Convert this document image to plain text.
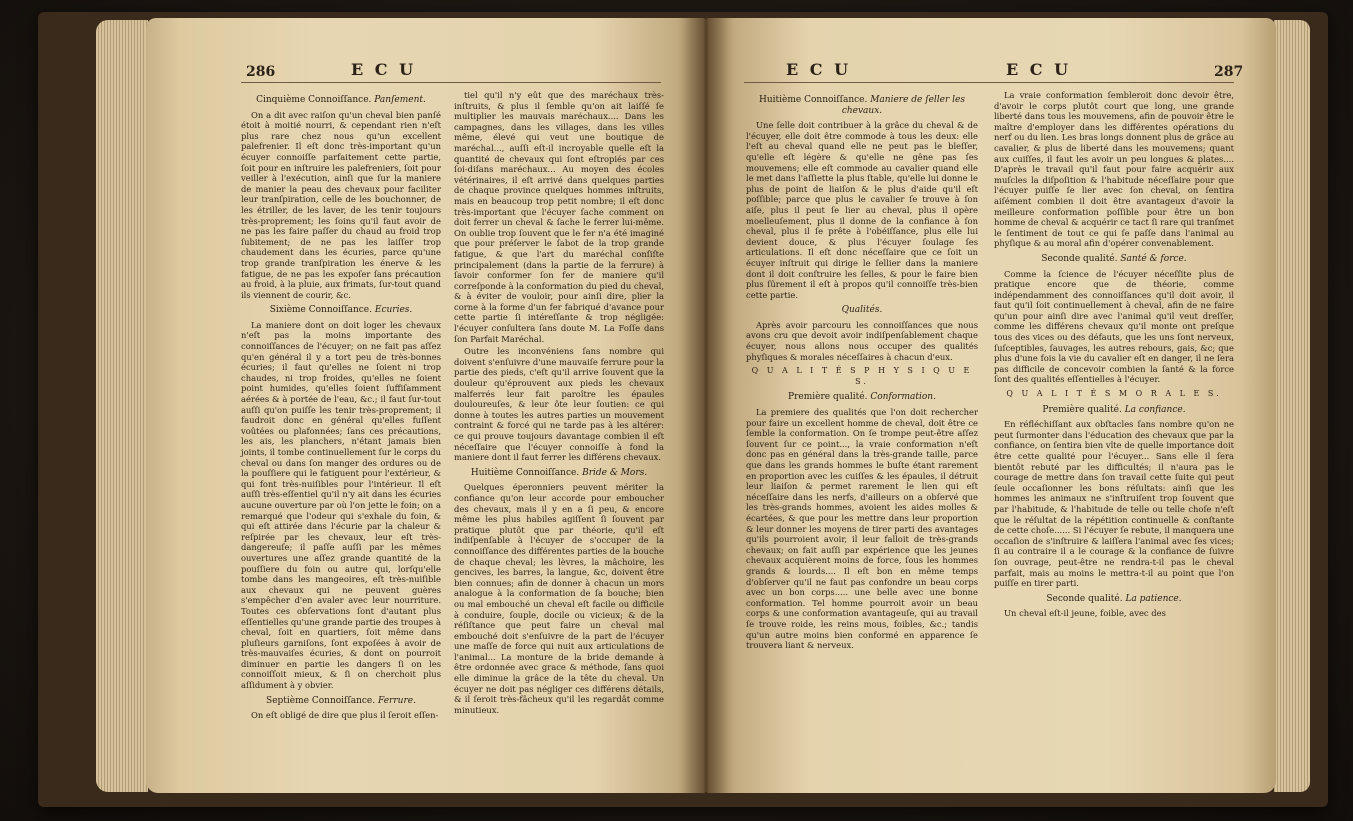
286	E C U
Cinquième Connoiſſance. Panſement.

On a dit avec raiſon qu'un cheval bien panſé étoit à moitié nourri, & cependant rien n'eſt plus rare chez nous qu'un excellent palefrenier. Il eſt donc très-important qu'un écuyer connoiſſe parfaitement cette partie, ſoit pour en inſtruire les palefreniers, ſoit pour veiller à l'exécution, ainſi que ſur la maniere de manier la peau des chevaux pour faciliter leur tranſpiration, celle de les bouchonner, de les étriller, de les laver, de les tenir toujours très-proprement; les ſoins qu'il faut avoir de ne pas les faire paſſer du chaud au froid trop ſubitement; de ne pas les laiſſer trop chaudement dans les écuries, parce qu'une trop grande tranſpiration les énerve & les fatigue, de ne pas les expoſer ſans précaution au froid, à la pluie, aux frimats, ſur-tout quand ils viennent de courir, &c.

Sixième Connoiſſance. Ecuries.

La maniere dont on doit loger les chevaux n'eſt pas la moins importante des connoiſſances de l'écuyer; on ne fait pas aſſez qu'en général il y a tort peu de très-bonnes écuries; il faut qu'elles ne ſoient ni trop chaudes, ni trop froides, qu'elles ne ſoient point humides, qu'elles ſoient ſuffiſamment aérées & à portée de l'eau, &c.; il faut ſur-tout auſſi qu'on puiſſe les tenir très-proprement; il faudroit donc en général qu'elles fuſſent voûtées ou plafonnées; ſans ces précautions, les ais, les planchers, n'étant jamais bien joints, il tombe continuellement ſur le corps du cheval ou dans ſon manger des ordures ou de la pouſſiere qui le fatiguent pour l'extérieur, & qui font très-nuiſibles pour l'intérieur. Il eſt auſſi très-eſſentiel qu'il n'y ait dans les écuries aucune ouverture par où l'on jette le foin; on a remarqué que l'odeur qui s'exhale du foin, & qui eſt attirée dans l'écurie par la chaleur & reſpirée par les chevaux, leur eſt très-dangereuſe; il paſſe auſſi par les mêmes ouvertures une aſſez grande quantité de la pouſſiere du foin ou autre qui, lorſqu'elle tombe dans les mangeoires, eſt très-nuiſible aux chevaux qui ne peuvent guères s'empêcher d'en avaler avec leur nourriture. Toutes ces obſervations ſont d'autant plus eſſentielles qu'une grande partie des troupes à cheval, ſoit en quartiers, ſoit même dans pluſieurs garniſons, ſont expoſées à avoir de très-mauvaiſes écuries, & dont on pourroit diminuer en partie les dangers ſi on les connoiſſoit mieux, & ſi on cherchoit plus aſſidument à y obvier.

Septième Connoiſſance. Ferrure.

On eſt obligé de dire que plus il ſeroit eſſen-

tiel qu'il n'y eût que des maréchaux très-inſtruits, & plus il ſemble qu'on ait laiſſé ſe multiplier les mauvais maréchaux.... Dans les campagnes, dans les villages, dans les villes même, élevé qui veut une boutique de maréchal..., auſſi eſt-il incroyable quelle eſt la quantité de chevaux qui ſont eſtropiés par ces ſoi-diſans maréchaux... Au moyen des écoles vétérinaires, il eſt arrivé dans quelques parties de chaque province quelques hommes inſtruits, mais en beaucoup trop petit nombre; il eſt donc très-important que l'écuyer ſache comment on doit ferrer un cheval & ſache le ferrer lui-même. On oublie trop ſouvent que le fer n'a été imaginé que pour préſerver le ſabot de la trop grande fatigue, & que l'art du maréchal conſiſte principalement (dans la partie de la ferrure) à ſavoir conformer ſon fer de maniere qu'il correſponde à la conformation du pied du cheval, & à éviter de vouloir, pour ainſi dire, plier la corne à la forme d'un fer fabriqué d'avance pour cette partie ſi intéreſſante & trop négligée: l'écuyer conſultera ſans doute M. La Foſſe dans ſon Parfait Maréchal.

Outre les inconvéniens ſans nombre qui doivent s'enſuivre d'une mauvaiſe ferrure pour la partie des pieds, c'eſt qu'il arrive ſouvent que la douleur qu'éprouvent aux pieds les chevaux malferrés leur fait paroître les épaules douloureuſes, & leur ôte leur ſoutien: ce qui donne à toutes les autres parties un mouvement contraint & forcé qui ne tarde pas à les altérer: ce qui prouve toujours davantage combien il eſt néceſſaire que l'écuyer connoiſſe à fond la maniere dont il faut ferrer les différens chevaux.

Huitième Connoiſſance. Bride & Mors.

Quelques éperonniers peuvent mériter la confiance qu'on leur accorde pour emboucher des chevaux, mais il y en a ſi peu, & encore même les plus habiles agiſſent ſi ſouvent par pratique plutôt que par théorie, qu'il eſt indiſpenſable à l'écuyer de s'occuper de la connoiſſance des différentes parties de la bouche de chaque cheval; les lèvres, la mâchoire, les gencives, les barres, la langue, &c, doivent être bien connues; afin de donner à chacun un mors analogue à la conformation de ſa bouche; bien ou mal embouché un cheval eſt facile ou difficile à conduire, ſouple, docile ou vicieux; & de la réſiſtance que peut faire un cheval mal embouché doit s'enſuivre de la part de l'écuyer une maſſe de force qui nuit aux articulations de l'animal... La monture de la bride demande à être ordonnée avec grace & méthode, ſans quoi elle diminue la grâce de la tête du cheval. Un écuyer ne doit pas négliger ces différens détails, & il ſeroit très-fâcheux qu'il les regardât comme minutieux.

E C U	E C U	287
Huitième Connoiſſance. Maniere de ſeller les chevaux.

Une ſelle doit contribuer à la grâce du cheval & de l'écuyer, elle doit être commode à tous les deux: elle l'eſt au cheval quand elle ne peut pas le bleſſer, qu'elle eſt légère & qu'elle ne gêne pas ſes mouvemens; elle eſt commode au cavalier quand elle le met dans l'aſſiette la plus ſtable, qu'elle lui donne le plus de point de liaiſon & le plus d'aide qu'il eſt poſſible; parce que plus le cavalier ſe trouve à ſon aiſe, plus il peut ſe lier au cheval, plus il opère moelleuſement, plus il donne de la confiance à ſon cheval, plus il ſe prête à l'obéiſſance, plus elle lui devient douce, & plus l'écuyer ſoulage ſes articulations. Il eſt donc néceſſaire que ce ſoit un écuyer inſtruit qui dirige le ſellier dans la maniere dont il doit conſtruire les ſelles, & pour le faire bien plus ſûrement il eſt à propos qu'il connoiſſe très-bien cette partie.

Qualités.

Après avoir parcouru les connoiſſances que nous avons cru que devoit avoir indiſpenſablement chaque écuyer, nous allons nous occuper des qualités phyſiques & morales néceſſaires à chacun d'eux.

Q U A L I T É S P H Y S I Q U E S.
Première qualité. Conformation.

La premiere des qualités que l'on doit rechercher pour faire un excellent homme de cheval, doit être ce ſemble la conformation. On ſe trompe peut-être aſſez ſouvent ſur ce point..., la vraie conformation n'eſt donc pas en général dans la très-grande taille, parce que dans les grands hommes le buſte étant rarement en proportion avec les cuiſſes & les épaules, il détruit leur liaiſon & permet rarement le lien qui eſt néceſſaire dans les nerfs, d'ailleurs on a obſervé que les très-grands hommes, avoient les aides molles & écartées, & que pour les mettre dans leur proportion & leur donner les moyens de tirer parti des avantages qu'ils pourroient avoir, il leur falloit de très-grands chevaux; on fait auſſi par expérience que les jeunes chevaux acquièrent moins de force, ſous les hommes grands & lourds.... Il eſt bon en même temps d'obſerver qu'il ne faut pas confondre un beau corps avec un bon corps..... une belle avec une bonne conformation. Tel homme pourroit avoir un beau corps & une conformation avantageuſe, qui au travail ſe trouve roide, les reins mous, foibles, &c.; tandis qu'un autre moins bien conformé en apparence ſe trouvera liant & nerveux.

La vraie conformation ſembleroit donc devoir être, d'avoir le corps plutôt court que long, une grande liberté dans tous les mouvemens, afin de pouvoir être le maître d'employer dans les différentes opérations du nerf ou du lien. Les bras longs donnent plus de grâce au cavalier, & plus de liberté dans les mouvemens; quant aux cuiſſes, il faut les avoir un peu longues & plates.... D'après le travail qu'il faut pour faire acquérir aux muſcles la diſpoſition & l'habitude néceſſaire pour que l'écuyer puiſſe ſe lier avec ſon cheval, on ſentira aiſément combien il doit être avantageux d'avoir la meilleure conformation poſſible pour être un bon homme de cheval & acquérir ce tact ſi rare qui tranſmet le ſentiment de tout ce qui ſe paſſe dans l'animal au phyſique & au moral afin d'opérer convenablement.

Seconde qualité. Santé & force.

Comme la ſcience de l'écuyer néceſſite plus de pratique encore que de théorie, comme indépendamment des connoiſſances qu'il doit avoir, il faut qu'il ſoit continuellement à cheval, afin de ne faire qu'un pour ainſi dire avec l'animal qu'il veut dreſſer, comme les différens chevaux qu'il monte ont preſque tous des vices ou des défauts, que les uns ſont nerveux, ſuſceptibles, ſauvages, les autres rebours, gais, &c; que plus d'une fois la vie du cavalier eſt en danger, il ne ſera pas difficile de concevoir combien la ſanté & la force ſont des qualités eſſentielles à l'écuyer.

Q U A L I T É S M O R A L E S.
Première qualité. La confiance.

En réfléchiſſant aux obſtacles ſans nombre qu'on ne peut ſurmonter dans l'éducation des chevaux que par la confiance, on ſentira bien vîte de quelle importance doit être cette qualité pour l'écuyer... Sans elle il ſera bientôt rebuté par les difficultés; il n'aura pas le courage de mettre dans ſon travail cette ſuite qui peut ſeule occaſionner les bons réſultats: ainſi que les hommes les animaux ne s'inſtruiſent trop ſouvent que par l'habitude, & l'habitude de telle ou telle choſe n'eſt que le réſultat de la répétition continuelle & conſtante de cette choſe...... Si l'écuyer ſe rebute, il manquera une occaſion de s'inſtruire & laiſſera l'animal avec ſes vices; ſi au contraire il a le courage & la confiance de ſuivre ſon ouvrage, peut-être ne rendra-t-il pas le cheval parfait, mais au moins le mettra-t-il au point que l'on puiſſe en tirer parti.

Seconde qualité. La patience.

Un cheval eſt-il jeune, foible, avec des
